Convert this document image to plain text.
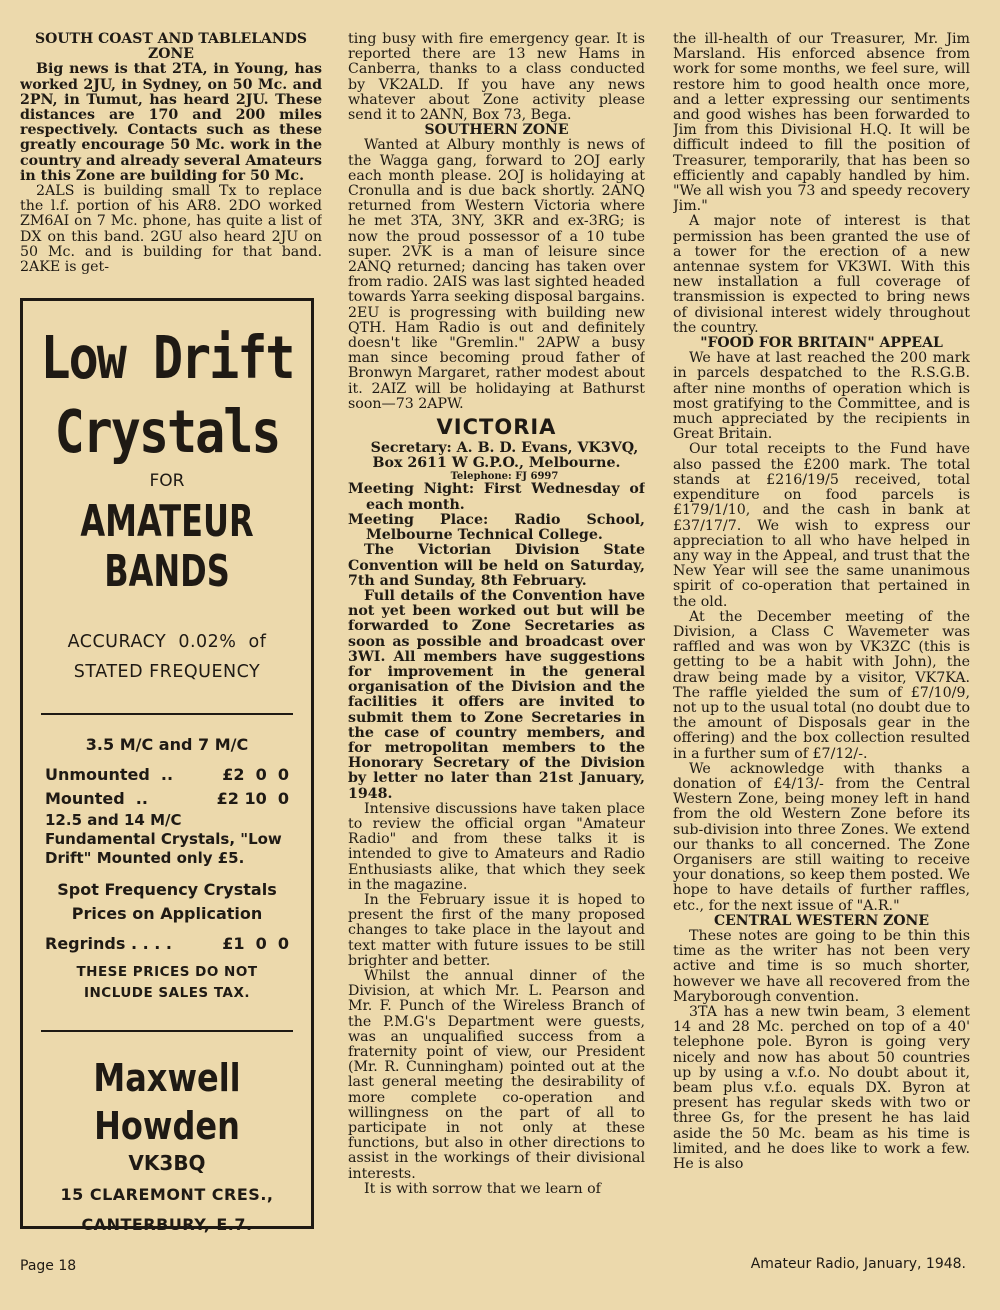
SOUTH COAST AND TABLELANDS ZONE

Big news is that 2TA, in Young, has worked 2JU, in Sydney, on 50 Mc. and 2PN, in Tumut, has heard 2JU. These distances are 170 and 200 miles respectively. Contacts such as these greatly encourage 50 Mc. work in the country and already several Amateurs in this Zone are building for 50 Mc.

2ALS is building small Tx to replace the l.f. portion of his AR8. 2DO worked ZM6AI on 7 Mc. phone, has quite a list of DX on this band. 2GU also heard 2JU on 50 Mc. and is building for that band. 2AKE is get-

Low Drift
Crystals
FOR
AMATEUR
BANDS
ACCURACY  0.02%  of
STATED FREQUENCY
3.5 M/C and 7 M/C
Unmounted  ..	£2  0  0
Mounted  ..	£2 10  0
12.5 and 14 M/C Fundamental Crystals, "Low Drift" Mounted only £5.
Spot Frequency Crystals
Prices on Application
Regrinds . . . .	£1  0  0
THESE PRICES DO NOT
INCLUDE SALES TAX.
Maxwell Howden
VK3BQ
15 CLAREMONT CRES.,
CANTERBURY, E.7.

ting busy with fire emergency gear. It is reported there are 13 new Hams in Canberra, thanks to a class conducted by VK2ALD. If you have any news whatever about Zone activity please send it to 2ANN, Box 73, Bega.

SOUTHERN ZONE

Wanted at Albury monthly is news of the Wagga gang, forward to 2OJ early each month please. 2OJ is holidaying at Cronulla and is due back shortly. 2ANQ returned from Western Victoria where he met 3TA, 3NY, 3KR and ex-3RG; is now the proud possessor of a 10 tube super. 2VK is a man of leisure since 2ANQ returned; dancing has taken over from radio. 2AIS was last sighted headed towards Yarra seeking disposal bargains. 2EU is progressing with building new QTH. Ham Radio is out and definitely doesn't like "Gremlin." 2APW a busy man since becoming proud father of Bronwyn Margaret, rather modest about it. 2AIZ will be holidaying at Bathurst soon—73 2APW.

VICTORIA

Secretary: A. B. D. Evans, VK3VQ, Box 2611 W G.P.O., Melbourne.

Telephone: FJ 6997

Meeting Night: First Wednesday of each month.

Meeting Place: Radio School, Melbourne Technical College.

The Victorian Division State Convention will be held on Saturday, 7th and Sunday, 8th February.

Full details of the Convention have not yet been worked out but will be forwarded to Zone Secretaries as soon as possible and broadcast over 3WI. All members have suggestions for improvement in the general organisation of the Division and the facilities it offers are invited to submit them to Zone Secretaries in the case of country members, and for metropolitan members to the Honorary Secretary of the Division by letter no later than 21st January, 1948.

Intensive discussions have taken place to review the official organ "Amateur Radio" and from these talks it is intended to give to Amateurs and Radio Enthusiasts alike, that which they seek in the magazine.

In the February issue it is hoped to present the first of the many proposed changes to take place in the layout and text matter with future issues to be still brighter and better.

Whilst the annual dinner of the Division, at which Mr. L. Pearson and Mr. F. Punch of the Wireless Branch of the P.M.G's Department were guests, was an unqualified success from a fraternity point of view, our President (Mr. R. Cunningham) pointed out at the last general meeting the desirability of more complete co-operation and willingness on the part of all to participate in not only at these functions, but also in other directions to assist in the workings of their divisional interests.

It is with sorrow that we learn of

the ill-health of our Treasurer, Mr. Jim Marsland. His enforced absence from work for some months, we feel sure, will restore him to good health once more, and a letter expressing our sentiments and good wishes has been forwarded to Jim from this Divisional H.Q. It will be difficult indeed to fill the position of Treasurer, temporarily, that has been so efficiently and capably handled by him. "We all wish you 73 and speedy recovery Jim."

A major note of interest is that permission has been granted the use of a tower for the erection of a new antennae system for VK3WI. With this new installation a full coverage of transmission is expected to bring news of divisional interest widely throughout the country.

"FOOD FOR BRITAIN" APPEAL

We have at last reached the 200 mark in parcels despatched to the R.S.G.B. after nine months of operation which is most gratifying to the Committee, and is much appreciated by the recipients in Great Britain.

Our total receipts to the Fund have also passed the £200 mark. The total stands at £216/19/5 received, total expenditure on food parcels is £179/1/10, and the cash in bank at £37/17/7. We wish to express our appreciation to all who have helped in any way in the Appeal, and trust that the New Year will see the same unanimous spirit of co-operation that pertained in the old.

At the December meeting of the Division, a Class C Wavemeter was raffled and was won by VK3ZC (this is getting to be a habit with John), the draw being made by a visitor, VK7KA. The raffle yielded the sum of £7/10/9, not up to the usual total (no doubt due to the amount of Disposals gear in the offering) and the box collection resulted in a further sum of £7/12/-.

We acknowledge with thanks a donation of £4/13/- from the Central Western Zone, being money left in hand from the old Western Zone before its sub-division into three Zones. We extend our thanks to all concerned. The Zone Organisers are still waiting to receive your donations, so keep them posted. We hope to have details of further raffles, etc., for the next issue of "A.R."

CENTRAL WESTERN ZONE

These notes are going to be thin this time as the writer has not been very active and time is so much shorter, however we have all recovered from the Maryborough convention.

3TA has a new twin beam, 3 element 14 and 28 Mc. perched on top of a 40' telephone pole. Byron is going very nicely and now has about 50 countries up by using a v.f.o. No doubt about it, beam plus v.f.o. equals DX. Byron at present has regular skeds with two or three Gs, for the present he has laid aside the 50 Mc. beam as his time is limited, and he does like to work a few. He is also

Page 18	Amateur Radio, January, 1948.
